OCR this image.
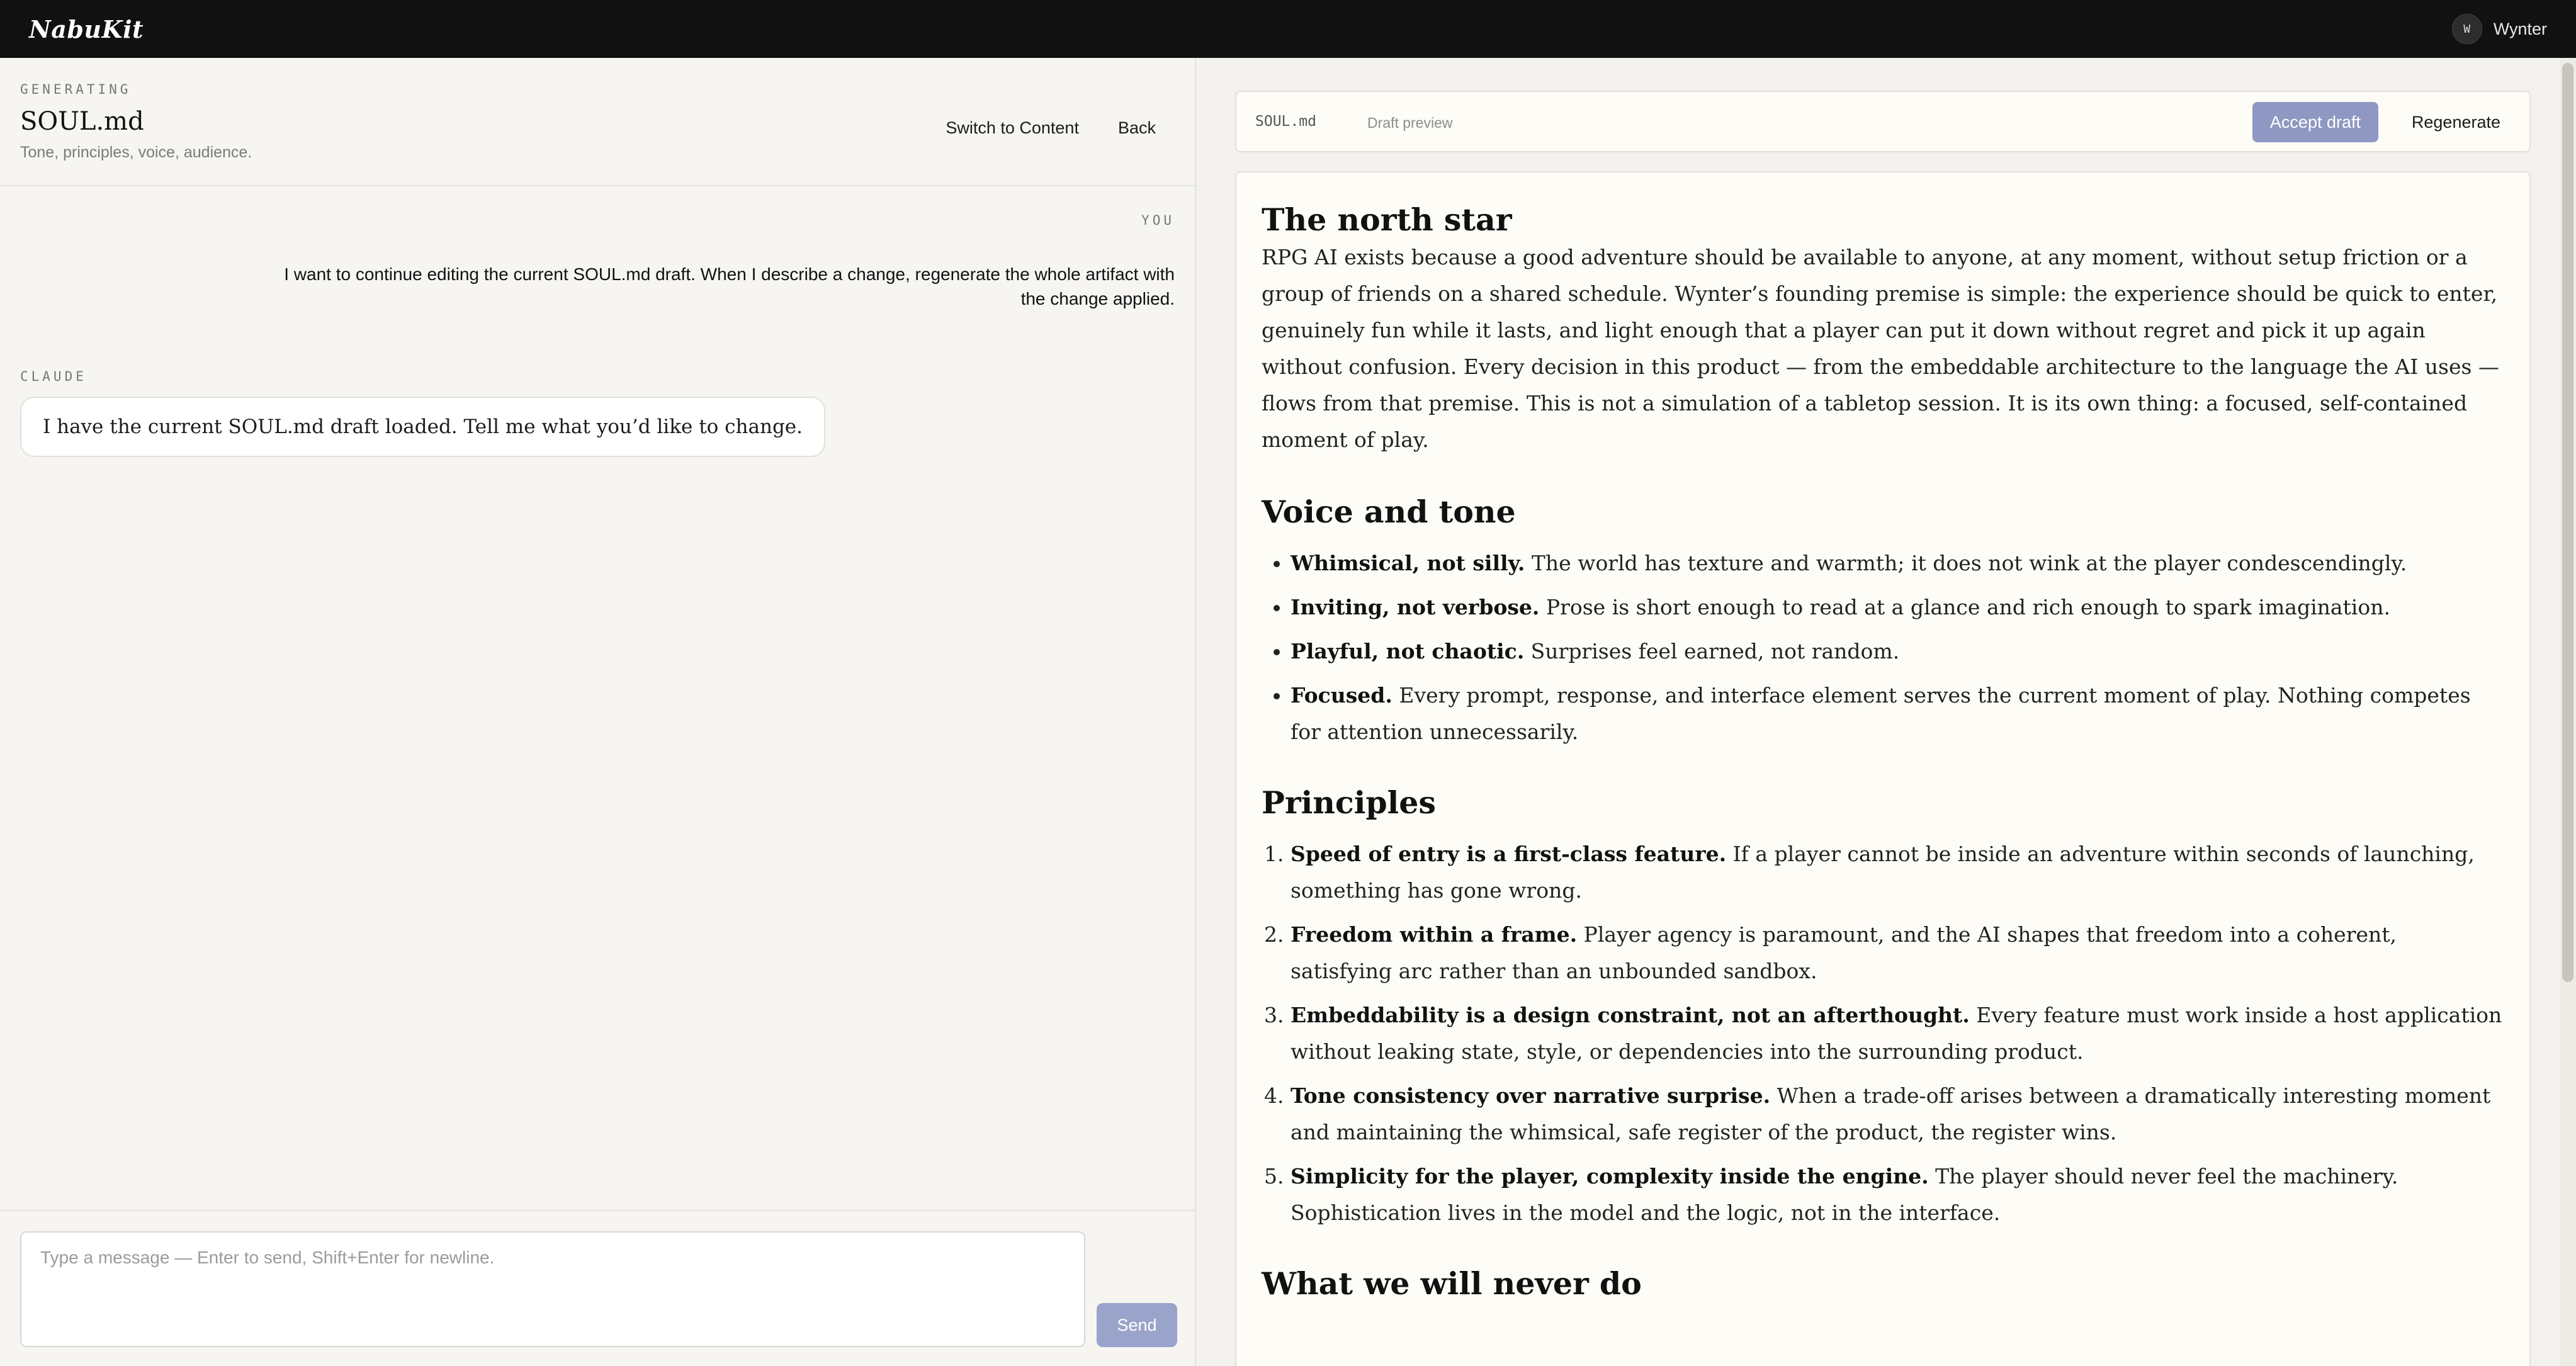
NabuKit	W	Wynter
GENERATING
SOUL.md
Tone, principles, voice, audience.
Switch to Content	Back
YOU
I want to continue editing the current SOUL.md draft. When I describe a change, regenerate the whole artifact with the change applied.
CLAUDE
I have the current SOUL.md draft loaded. Tell me what you’d like to change.
Type a message — Enter to send, Shift+Enter for newline.
Send
SOUL.md	Draft preview	Accept draft	Regenerate
The north star

RPG AI exists because a good adventure should be available to anyone, at any moment, without setup friction or a group of friends on a shared schedule. Wynter’s founding premise is simple: the experience should be quick to enter, genuinely fun while it lasts, and light enough that a player can put it down without regret and pick it up again without confusion. Every decision in this product — from the embeddable architecture to the language the AI uses — flows from that premise. This is not a simulation of a tabletop session. It is its own thing: a focused, self-contained moment of play.

Voice and tone
• Whimsical, not silly. The world has texture and warmth; it does not wink at the player condescendingly.
• Inviting, not verbose. Prose is short enough to read at a glance and rich enough to spark imagination.
• Playful, not chaotic. Surprises feel earned, not random.
• Focused. Every prompt, response, and interface element serves the current moment of play. Nothing competes for attention unnecessarily.
Principles
1. Speed of entry is a first-class feature. If a player cannot be inside an adventure within seconds of launching, something has gone wrong.
2. Freedom within a frame. Player agency is paramount, and the AI shapes that freedom into a coherent, satisfying arc rather than an unbounded sandbox.
3. Embeddability is a design constraint, not an afterthought. Every feature must work inside a host application without leaking state, style, or dependencies into the surrounding product.
4. Tone consistency over narrative surprise. When a trade-off arises between a dramatically interesting moment and maintaining the whimsical, safe register of the product, the register wins.
5. Simplicity for the player, complexity inside the engine. The player should never feel the machinery. Sophistication lives in the model and the logic, not in the interface.
What we will never do
